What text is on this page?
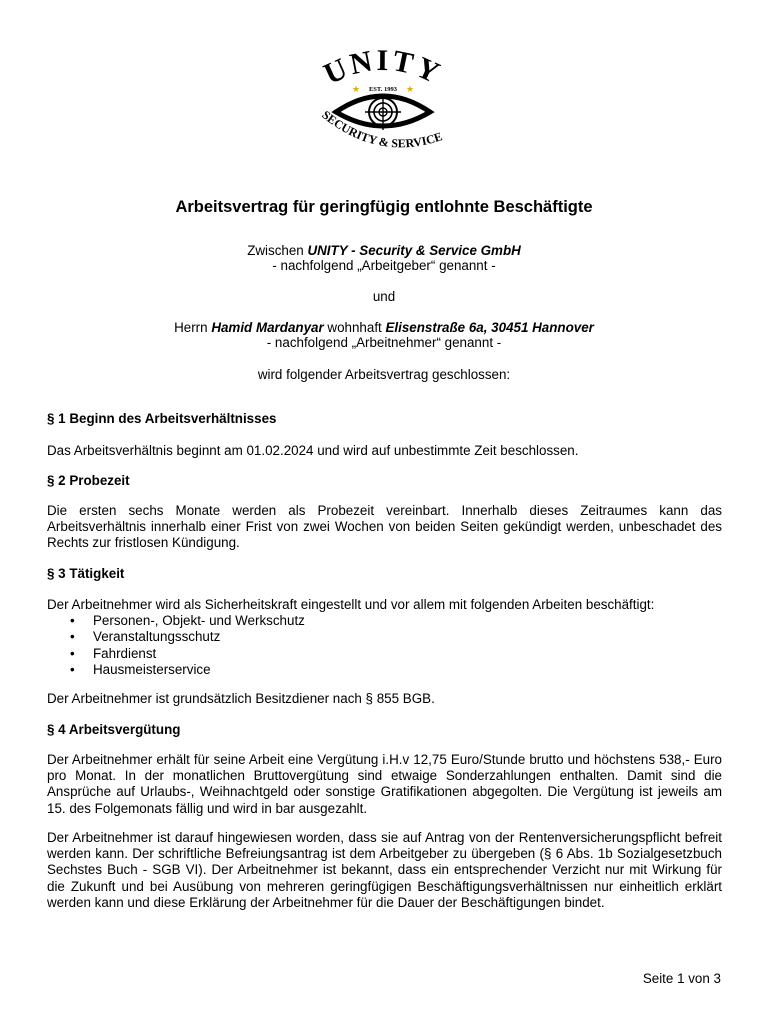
UNITY
★	★
EST. 1993
SECURITY & SERVICE
Arbeitsvertrag für geringfügig entlohnte Beschäftigte
Zwischen UNITY - Security & Service GmbH
- nachfolgend „Arbeitgeber“ genannt -
und
Herrn Hamid Mardanyar wohnhaft Elisenstraße 6a, 30451 Hannover
- nachfolgend „Arbeitnehmer“ genannt -
wird folgender Arbeitsvertrag geschlossen:
§ 1 Beginn des Arbeitsverhältnisses
Das Arbeitsverhältnis beginnt am 01.02.2024 und wird auf unbestimmte Zeit beschlossen.
§ 2 Probezeit
Die ersten sechs Monate werden als Probezeit vereinbart. Innerhalb dieses Zeitraumes kann das Arbeitsverhältnis innerhalb einer Frist von zwei Wochen von beiden Seiten gekündigt werden, unbeschadet des Rechts zur fristlosen Kündigung.
§ 3 Tätigkeit
Der Arbeitnehmer wird als Sicherheitskraft eingestellt und vor allem mit folgenden Arbeiten beschäftigt:
• Personen-, Objekt- und Werkschutz
• Veranstaltungsschutz
• Fahrdienst
• Hausmeisterservice
Der Arbeitnehmer ist grundsätzlich Besitzdiener nach § 855 BGB.
§ 4 Arbeitsvergütung
Der Arbeitnehmer erhält für seine Arbeit eine Vergütung i.H.v 12,75 Euro/Stunde brutto und höchstens 538,- Euro pro Monat. In der monatlichen Bruttovergütung sind etwaige Sonderzahlungen enthalten. Damit sind die Ansprüche auf Urlaubs-, Weihnachtgeld oder sonstige Gratifikationen abgegolten. Die Vergütung ist jeweils am 15. des Folgemonats fällig und wird in bar ausgezahlt.
Der Arbeitnehmer ist darauf hingewiesen worden, dass sie auf Antrag von der Rentenversicherungspflicht befreit werden kann. Der schriftliche Befreiungsantrag ist dem Arbeitgeber zu übergeben (§ 6 Abs. 1b Sozialgesetzbuch Sechstes Buch - SGB VI). Der Arbeitnehmer ist bekannt, dass ein entsprechender Verzicht nur mit Wirkung für die Zukunft und bei Ausübung von mehreren geringfügigen Beschäftigungsverhältnissen nur einheitlich erklärt werden kann und diese Erklärung der Arbeitnehmer für die Dauer der Beschäftigungen bindet.
Seite 1 von 3
